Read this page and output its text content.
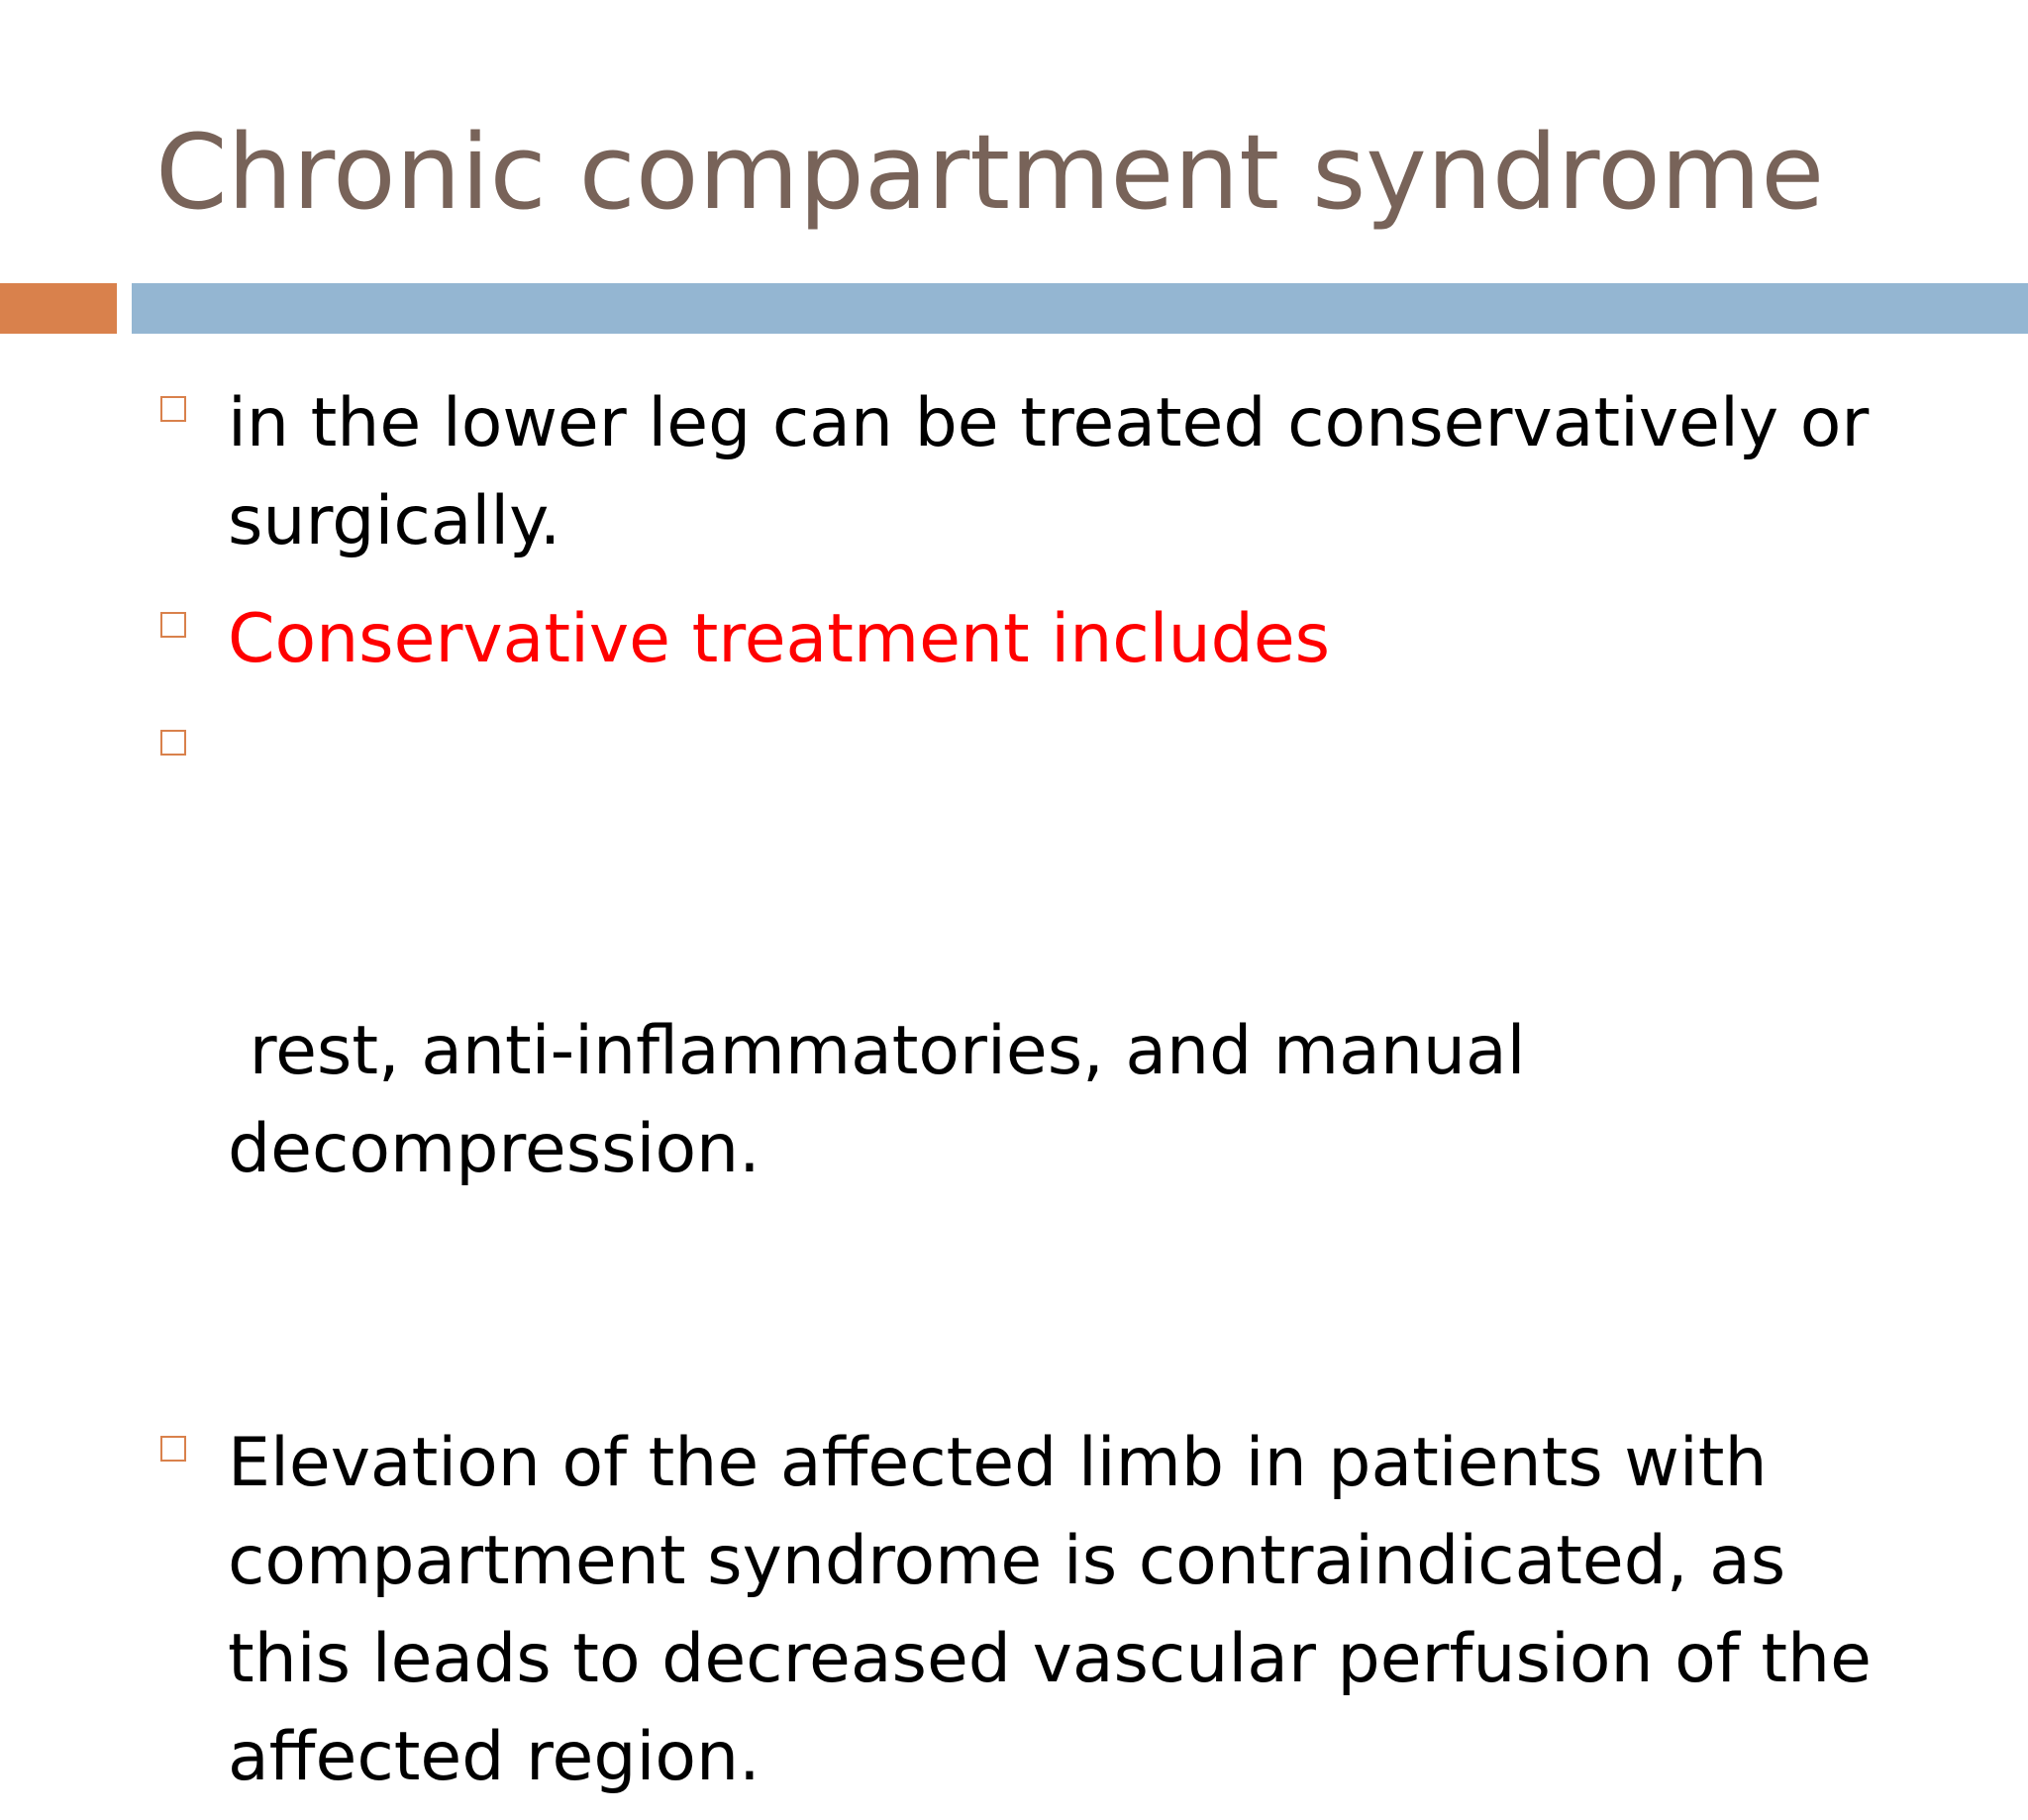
Chronic compartment syndrome
in the lower leg can be treated conservatively or surgically.
Conservative treatment includes

rest, anti-inflammatories, and manual decompression.

Elevation of the affected limb in patients with compartment syndrome is contraindicated, as this leads to decreased vascular perfusion of the affected region.
